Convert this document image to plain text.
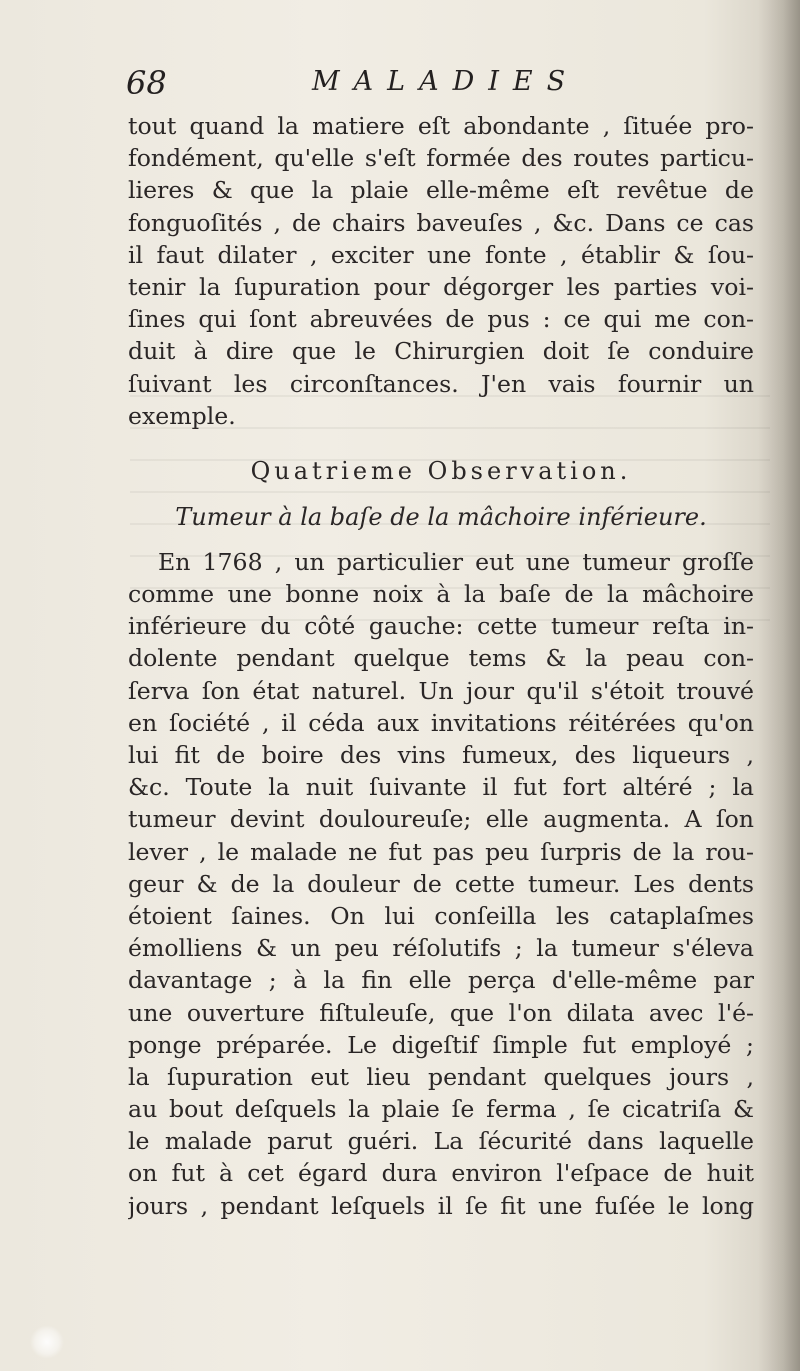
68	MALADIES
tout quand la matiere eſt abondante , ſituée pro-
fondément, qu'elle s'eſt formée des routes particu-
lieres & que la plaie elle-même eſt revêtue de
fonguoſités , de chairs baveuſes , &c. Dans ce cas
il faut dilater , exciter une fonte , établir & ſou-
tenir la ſupuration pour dégorger les parties voi-
ſines qui ſont abreuvées de pus : ce qui me con-
duit à dire que le Chirurgien doit ſe conduire
ſuivant les circonſtances. J'en vais fournir un
exemple.
Quatrieme Observation.
Tumeur à la baſe de la mâchoire inférieure.
En 1768 , un particulier eut une tumeur groſſe
comme une bonne noix à la baſe de la mâchoire
inférieure du côté gauche: cette tumeur reſta in-
dolente pendant quelque tems & la peau con-
ſerva ſon état naturel. Un jour qu'il s'étoit trouvé
en ſociété , il céda aux invitations réitérées qu'on
lui fit de boire des vins fumeux, des liqueurs ,
&c. Toute la nuit ſuivante il fut fort altéré ; la
tumeur devint douloureuſe; elle augmenta. A ſon
lever , le malade ne fut pas peu ſurpris de la rou-
geur & de la douleur de cette tumeur. Les dents
étoient ſaines. On lui conſeilla les cataplaſmes
émolliens & un peu réſolutifs ; la tumeur s'éleva
davantage ; à la fin elle perça d'elle-même par
une ouverture fiſtuleuſe, que l'on dilata avec l'é-
ponge préparée. Le digeſtif ſimple fut employé ;
la ſupuration eut lieu pendant quelques jours ,
au bout deſquels la plaie ſe ferma , ſe cicatriſa &
le malade parut guéri. La ſécurité dans laquelle
on fut à cet égard dura environ l'eſpace de huit
jours , pendant leſquels il ſe fit une fuſée le long
